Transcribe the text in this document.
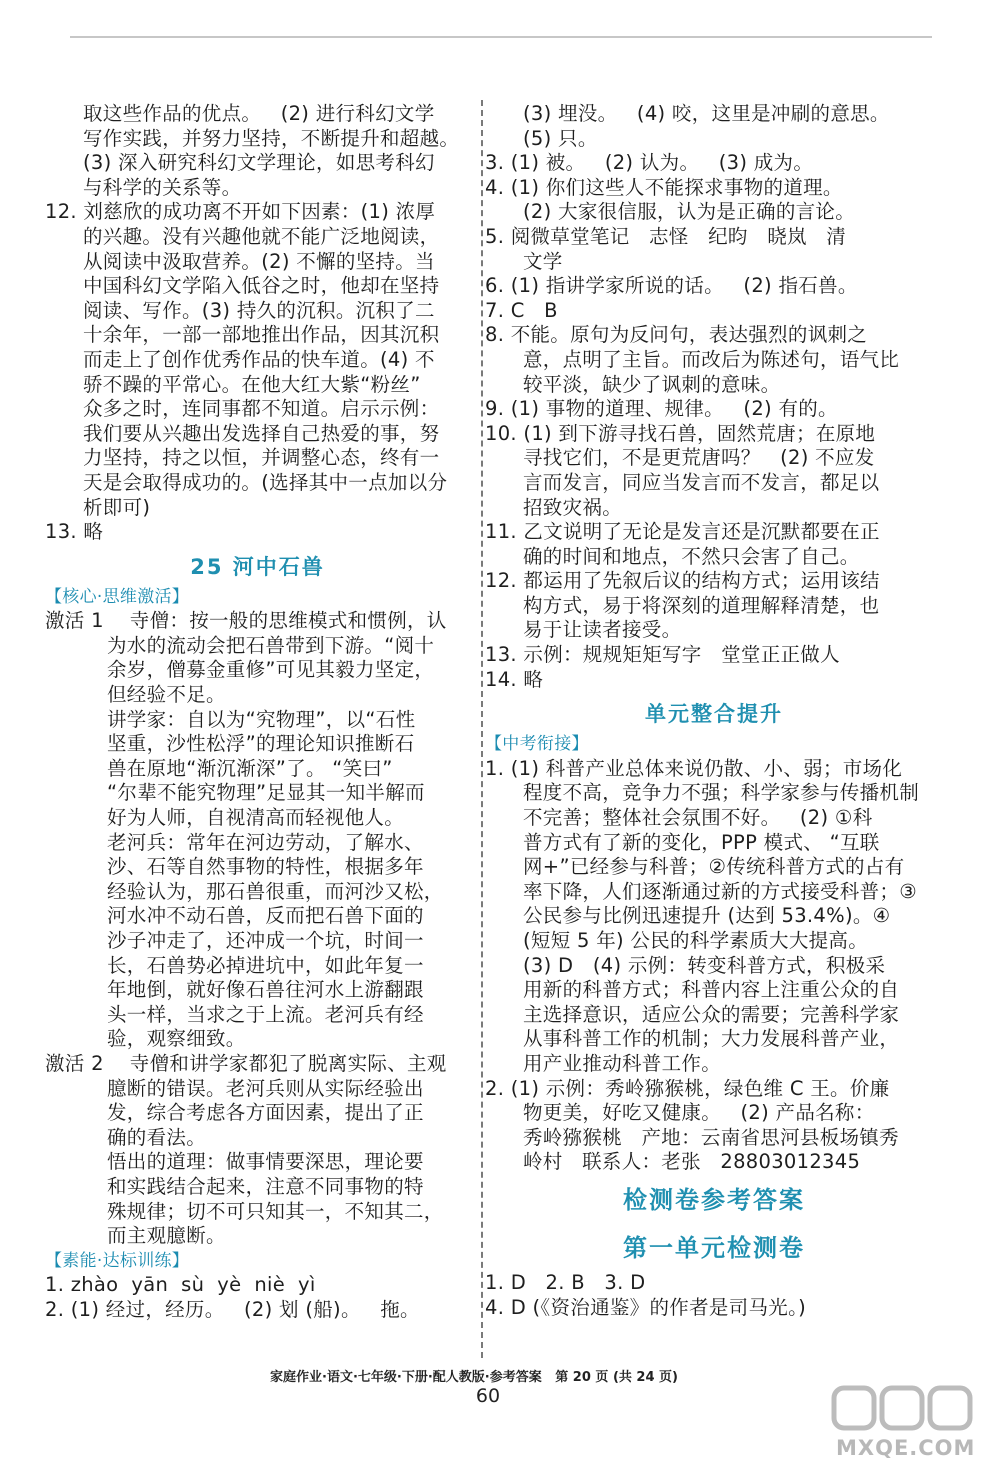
取这些作品的优点。   (2) 进行科幻文学
写作实践，并努力坚持，不断提升和超越。
(3) 深入研究科幻文学理论，如思考科幻
与科学的关系等。
12. 刘慈欣的成功离不开如下因素：(1) 浓厚
的兴趣。没有兴趣他就不能广泛地阅读，
从阅读中汲取营养。(2) 不懈的坚持。当
中国科幻文学陷入低谷之时，他却在坚持
阅读、写作。(3) 持久的沉积。沉积了二
十余年，一部一部地推出作品，因其沉积
而走上了创作优秀作品的快车道。(4) 不
骄不躁的平常心。在他大红大紫“粉丝”
众多之时，连同事都不知道。启示示例：
我们要从兴趣出发选择自己热爱的事，努
力坚持，持之以恒，并调整心态，终有一
天是会取得成功的。(选择其中一点加以分
析即可)
13. 略
25 河中石兽
【核心·思维激活】
激活 1    寺僧：按一般的思维模式和惯例，认
为水的流动会把石兽带到下游。“阅十
余岁，僧募金重修”可见其毅力坚定，
但经验不足。
讲学家：自以为“究物理”，以“石性
坚重，沙性松浮”的理论知识推断石
兽在原地“渐沉渐深”了。 “笑曰”
“尔辈不能究物理”足显其一知半解而
好为人师，自视清高而轻视他人。
老河兵：常年在河边劳动，了解水、
沙、石等自然事物的特性，根据多年
经验认为，那石兽很重，而河沙又松，
河水冲不动石兽，反而把石兽下面的
沙子冲走了，还冲成一个坑，时间一
长，石兽势必掉进坑中，如此年复一
年地倒，就好像石兽往河水上游翻跟
头一样，当求之于上流。老河兵有经
验，观察细致。
激活 2    寺僧和讲学家都犯了脱离实际、主观
臆断的错误。老河兵则从实际经验出
发，综合考虑各方面因素，提出了正
确的看法。
悟出的道理：做事情要深思，理论要
和实践结合起来，注意不同事物的特
殊规律；切不可只知其一，不知其二，
而主观臆断。
【素能·达标训练】
1. zhào  yān  sù  yè  niè  yì
2. (1) 经过，经历。   (2) 划 (船)。   拖。
(3) 埋没。   (4) 咬，这里是冲刷的意思。
(5) 只。
3. (1) 被。   (2) 认为。   (3) 成为。
4. (1) 你们这些人不能探求事物的道理。
(2) 大家很信服，认为是正确的言论。
5. 阅微草堂笔记   志怪   纪昀   晓岚   清
文学
6. (1) 指讲学家所说的话。   (2) 指石兽。
7. C   B
8. 不能。原句为反问句，表达强烈的讽刺之
意，点明了主旨。而改后为陈述句，语气比
较平淡，缺少了讽刺的意味。
9. (1) 事物的道理、规律。   (2) 有的。
10. (1) 到下游寻找石兽，固然荒唐；在原地
寻找它们，不是更荒唐吗？   (2) 不应发
言而发言，同应当发言而不发言，都足以
招致灾祸。
11. 乙文说明了无论是发言还是沉默都要在正
确的时间和地点，不然只会害了自己。
12. 都运用了先叙后议的结构方式；运用该结
构方式，易于将深刻的道理解释清楚，也
易于让读者接受。
13. 示例：规规矩矩写字   堂堂正正做人
14. 略
单元整合提升
【中考衔接】
1. (1) 科普产业总体来说仍散、小、弱；市场化
程度不高，竞争力不强；科学家参与传播机制
不完善；整体社会氛围不好。   (2) ①科
普方式有了新的变化，PPP 模式、 “互联
网+”已经参与科普；②传统科普方式的占有
率下降，人们逐渐通过新的方式接受科普；③
公民参与比例迅速提升 (达到 53.4%)。④
(短短 5 年) 公民的科学素质大大提高。
(3) D   (4) 示例：转变科普方式，积极采
用新的科普方式；科普内容上注重公众的自
主选择意识，适应公众的需要；完善科学家
从事科普工作的机制；大力发展科普产业，
用产业推动科普工作。
2. (1) 示例：秀岭猕猴桃，绿色维 C 王。价廉
物更美，好吃又健康。   (2) 产品名称：
秀岭猕猴桃   产地：云南省思河县板场镇秀
岭村   联系人：老张   28803012345
检测卷参考答案
第一单元检测卷
1. D   2. B   3. D
4. D (《资治通鉴》的作者是司马光。)
家庭作业·语文·七年级·下册·配人教版·参考答案   第 20 页 (共 24 页)
60
MXQE.COM
